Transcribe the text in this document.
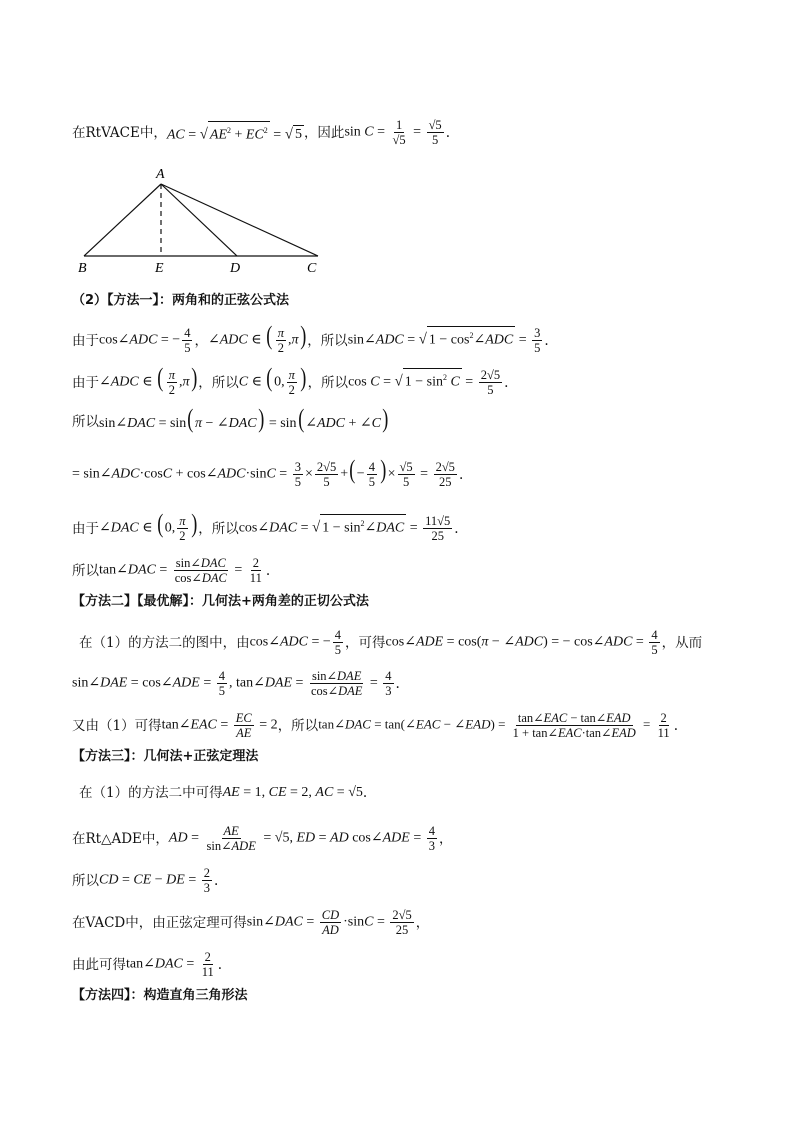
在RtVACE中， AC = √ $AE^2 + EC^2$ = √ 5 ，因此 $\sin C = \frac{1}{√5} = \frac{√5}{5}$ .
A
B	E	D	C
（2）【方法一】：两角和的正弦公式法
由于 cos∠ADC = − $\frac{4}{5}$ ， ∠ADC ∈ ( $\frac{\pi}{2} ,\pi$) ，所以 sin∠ADC = √ $1 - \cos^2\angle ADC = \frac{3}{5}$ .
由于 ∠ADC ∈ ( $\frac{\pi}{2} ,\pi$) ，所以 C ∈ (0, $\frac{\pi}{2}$ ) ，所以 cos C = √ $1 - \sin^2 C = \frac{2√5}{5}$ .
所以 sin∠DAC = sin(π − ∠DAC) = sin(∠ADC + ∠C)
= sin∠ADC·cosC + cos∠ADC·sinC = $\frac{3}{5} \times \frac{2√5}{5}$ +(− $\frac{4}{5}$ )× $\frac{√5}{5} = \frac{2√5}{25}$ .
由于 ∠DAC ∈ (0, $\frac{\pi}{2}$ ) ，所以 cos∠DAC = √ $1 - \sin^2\angle DAC = \frac{11√5}{25}$ .
所以 tan∠DAC = sin∠DAC
cos∠DAC
= $\frac{2}{11}$ .
【方法二】【最优解】：几何法+两角差的正切公式法
在（1）的方法二的图中，由 cos∠ADC = − $\frac{4}{5}$ ，可得 cos∠ADE = cos(π − ∠ADC) = − cos∠ADC = $\frac{4}{5}$ ，从而
sin∠DAE = cos∠ADE = $\frac{4}{5}$ , tan∠DAE = sin∠DAE
cos∠DAE
= $\frac{4}{3}$ .
又由（1）可得 tan∠EAC = $\frac{EC}{AE} = 2$ ，所以 tan∠DAC = tan(∠EAC − ∠EAD) = tan∠EAC − tan∠EAD
1 + tan∠EAC·tan∠EAD
= $\frac{2}{11}$ .
【方法三】：几何法+正弦定理法
在（1）的方法二中可得 AE = 1, CE = 2, AC = √5 .
在Rt△ADE中， AD = AE
sin∠ADE
= √5, ED = AD cos∠ADE = $\frac{4}{3}$ ，
所以 CD = CE − DE = $\frac{2}{3}$ .
在VACD中，由正弦定理可得 sin∠DAC = $\frac{CD}{AD} \cdot\sin C = \frac{2√5}{25}$ ，
由此可得 tan∠DAC = $\frac{2}{11}$ .
【方法四】：构造直角三角形法
